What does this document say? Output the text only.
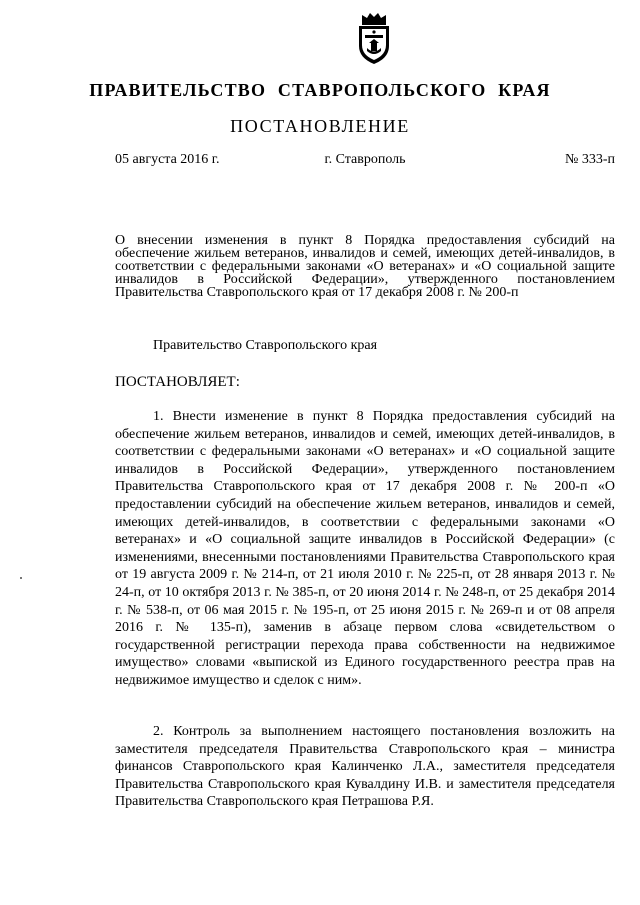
ПРАВИТЕЛЬСТВО СТАВРОПОЛЬСКОГО КРАЯ
ПОСТАНОВЛЕНИЕ
05 августа 2016 г.	г. Ставрополь	№ 333-п
О внесении изменения в пункт 8 Порядка предоставления субсидий на обеспечение жильем ветеранов, инвалидов и семей, имеющих детей-инвалидов, в соответствии с федеральными законами «О ветеранах» и «О социальной защите инвалидов в Российской Федерации», утвержденного постановлением Правительства Ставропольского края от 17 декабря 2008 г. № 200-п
Правительство Ставропольского края
ПОСТАНОВЛЯЕТ:

1. Внести изменение в пункт 8 Порядка предоставления субсидий на обеспечение жильем ветеранов, инвалидов и семей, имеющих детей-инвалидов, в соответствии с федеральными законами «О ветеранах» и «О социальной защите инвалидов в Российской Федерации», утвержденного постановлением Правительства Ставропольского края от 17 декабря 2008 г. № 200-п «О предоставлении субсидий на обеспечение жильем ветеранов, инвалидов и семей, имеющих детей-инвалидов, в соответствии с федеральными законами «О ветеранах» и «О социальной защите инвалидов в Российской Федерации» (с изменениями, внесенными постановлениями Правительства Ставропольского края от 19 августа 2009 г. № 214-п, от 21 июля 2010 г. № 225-п, от 28 января 2013 г. № 24-п, от 10 октября 2013 г. № 385-п, от 20 июня 2014 г. № 248-п, от 25 декабря 2014 г. № 538-п, от 06 мая 2015 г. № 195-п, от 25 июня 2015 г. № 269-п и от 08 апреля 2016 г. № 135-п), заменив в абзаце первом слова «свидетельством о государственной регистрации перехода права собственности на недвижимое имущество» словами «выпиской из Единого государственного реестра прав на недвижимое имущество и сделок с ним».

2. Контроль за выполнением настоящего постановления возложить на заместителя председателя Правительства Ставропольского края – министра финансов Ставропольского края Калинченко Л.А., заместителя председателя Правительства Ставропольского края Кувалдину И.В. и заместителя председателя Правительства Ставропольского края Петрашова Р.Я.
